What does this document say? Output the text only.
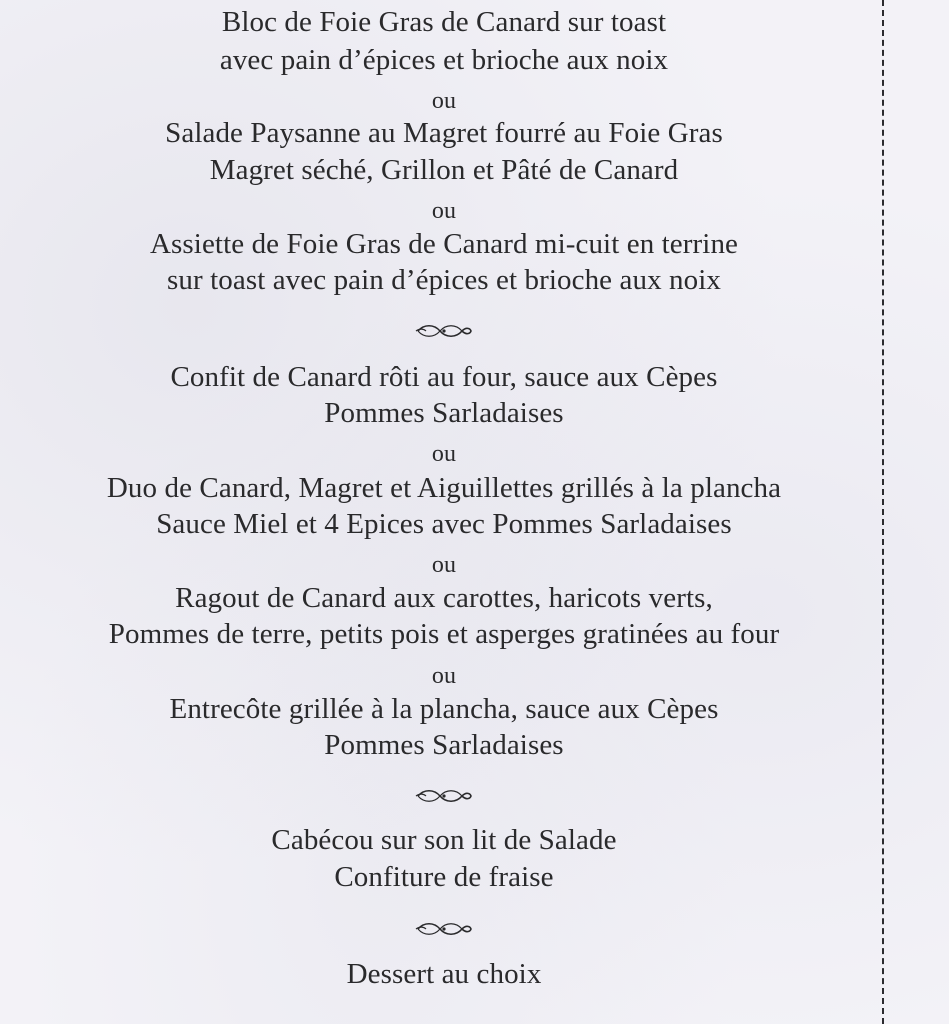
Bloc de Foie Gras de Canard sur toast
avec pain d’épices et brioche aux noix
ou
Salade Paysanne au Magret fourré au Foie Gras
Magret séché, Grillon et Pâté de Canard
ou
Assiette de Foie Gras de Canard mi-cuit en terrine
sur toast avec pain d’épices et brioche aux noix
Confit de Canard rôti au four, sauce aux Cèpes
Pommes Sarladaises
ou
Duo de Canard, Magret et Aiguillettes grillés à la plancha
Sauce Miel et 4 Epices avec Pommes Sarladaises
ou
Ragout de Canard aux carottes, haricots verts,
Pommes de terre, petits pois et asperges gratinées au four
ou
Entrecôte grillée à la plancha, sauce aux Cèpes
Pommes Sarladaises
Cabécou sur son lit de Salade
Confiture de fraise
Dessert au choix
